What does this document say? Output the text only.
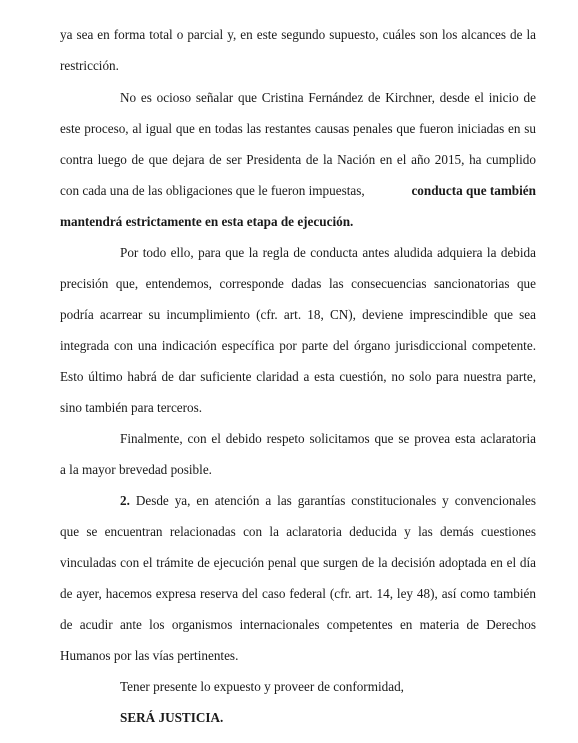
ya sea en forma total o parcial y, en este segundo supuesto, cuáles son los alcances de la
restricción.
No es ocioso señalar que Cristina Fernández de Kirchner, desde el inicio de
este proceso, al igual que en todas las restantes causas penales que fueron iniciadas en su
contra luego de que dejara de ser Presidenta de la Nación en el año 2015, ha cumplido
con cada una de las obligaciones que le fueron impuestas,	conducta que también
mantendrá estrictamente en esta etapa de ejecución.
Por todo ello, para que la regla de conducta antes aludida adquiera la debida
precisión que, entendemos, corresponde dadas las consecuencias sancionatorias que
podría acarrear su incumplimiento (cfr. art. 18, CN), deviene imprescindible que sea
integrada con una indicación específica por parte del órgano jurisdiccional competente.
Esto último habrá de dar suficiente claridad a esta cuestión, no solo para nuestra parte,
sino también para terceros.
Finalmente, con el debido respeto solicitamos que se provea esta aclaratoria
a la mayor brevedad posible.
2. Desde ya, en atención a las garantías constitucionales y convencionales
que se encuentran relacionadas con la aclaratoria deducida y las demás cuestiones
vinculadas con el trámite de ejecución penal que surgen de la decisión adoptada en el día
de ayer, hacemos expresa reserva del caso federal (cfr. art. 14, ley 48), así como también
de acudir ante los organismos internacionales competentes en materia de Derechos
Humanos por las vías pertinentes.
Tener presente lo expuesto y proveer de conformidad,
SERÁ JUSTICIA.
